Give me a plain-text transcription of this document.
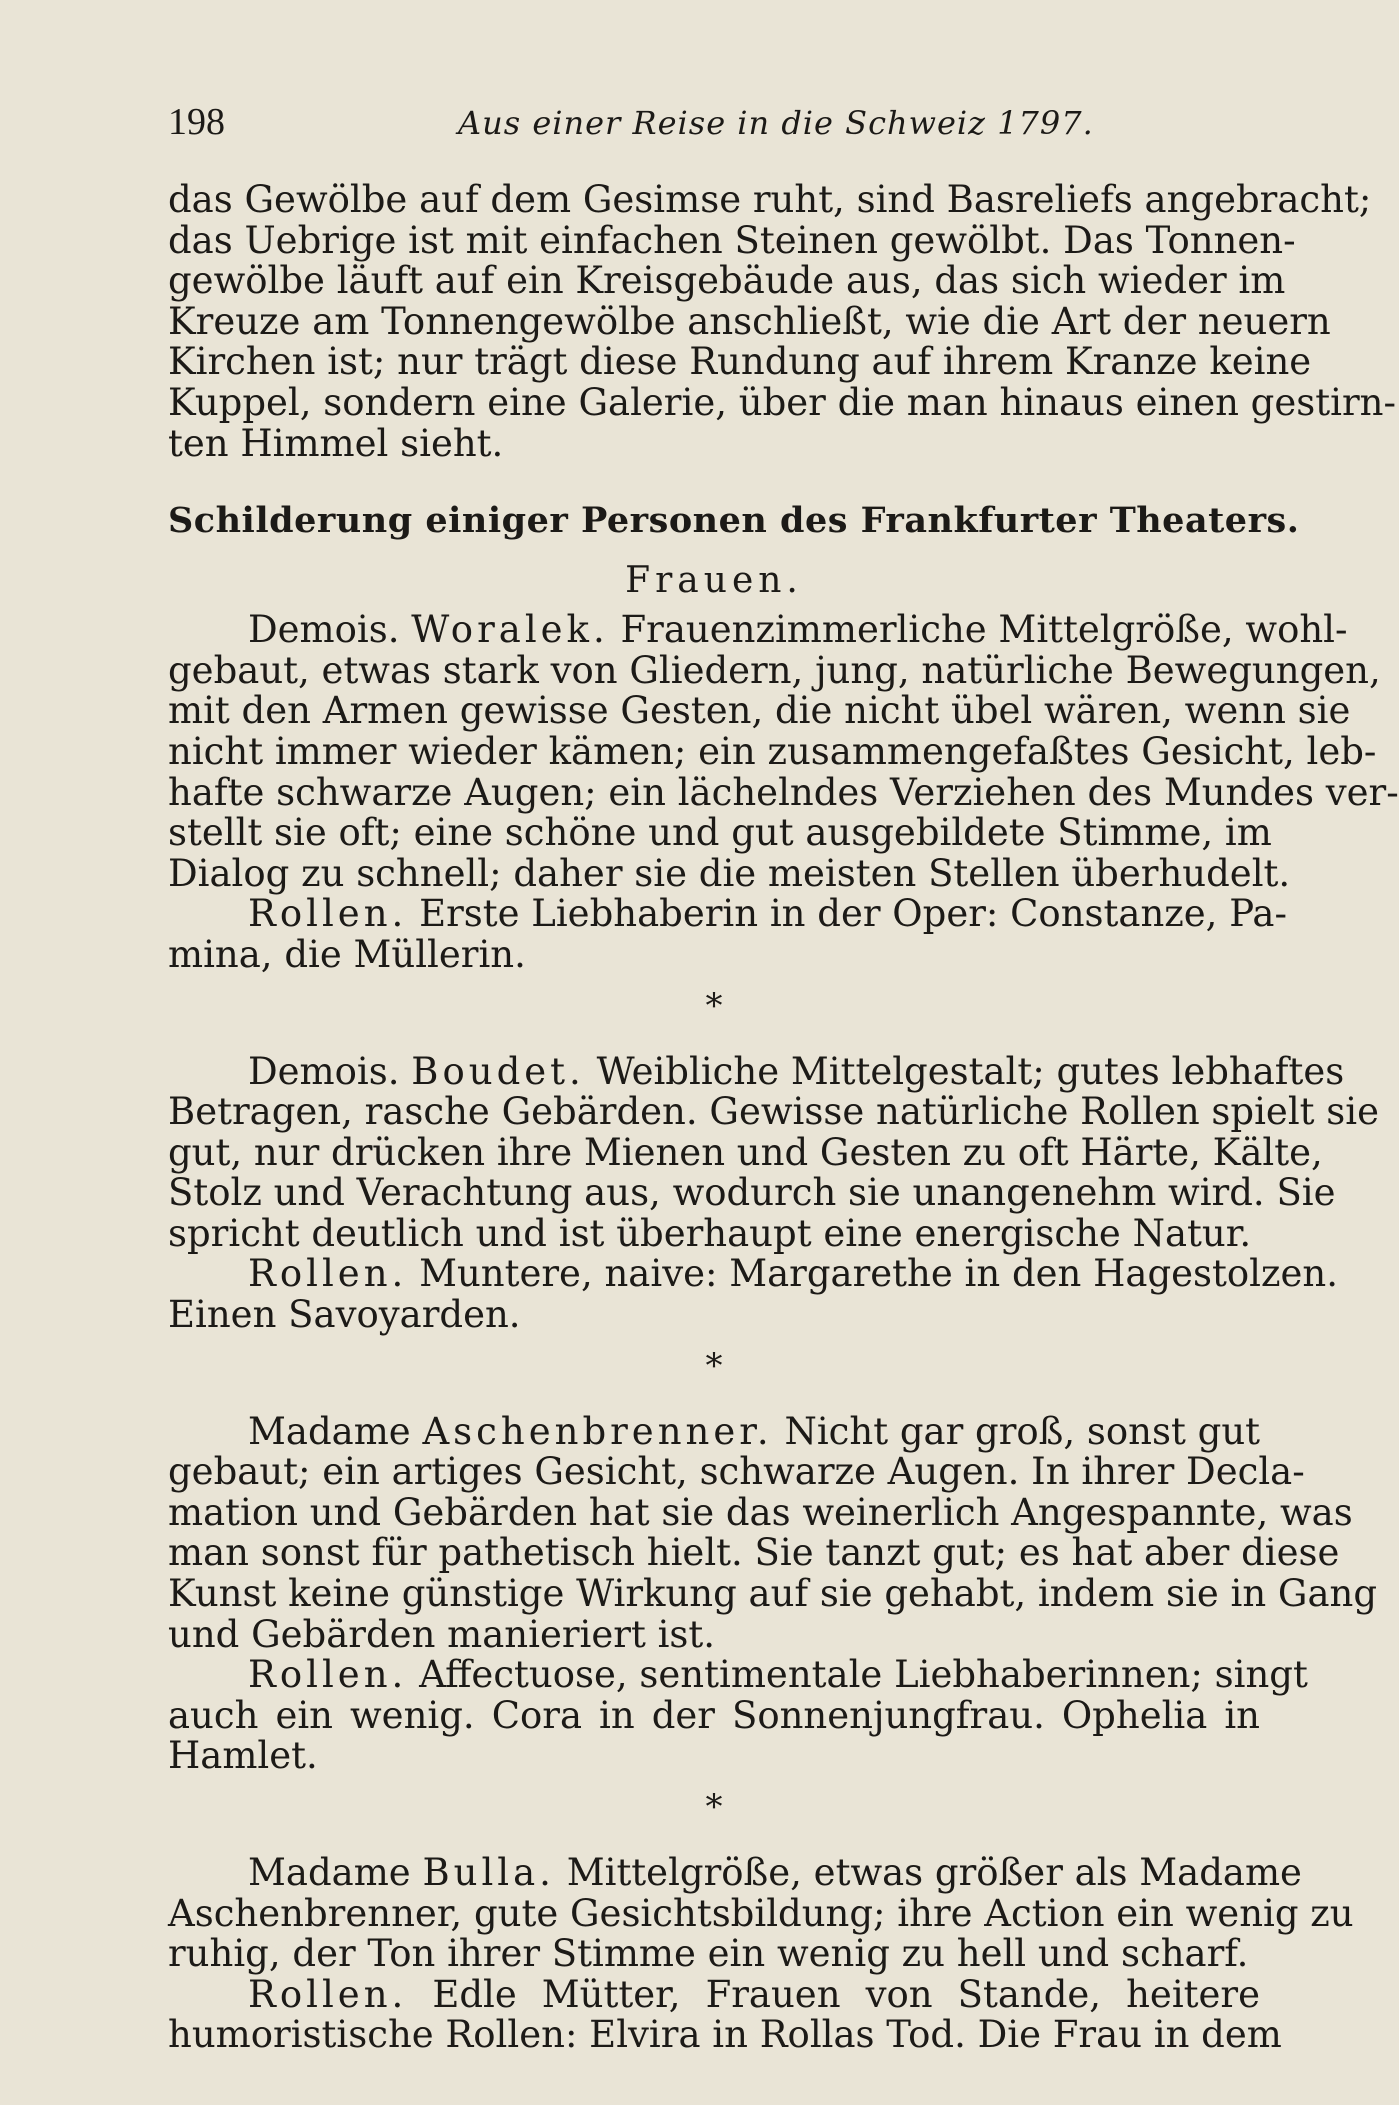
198	Aus einer Reise in die Schweiz 1797.
das Gewölbe auf dem Gesimse ruht, sind Basreliefs angebracht;
das Uebrige ist mit einfachen Steinen gewölbt. Das Tonnen-
gewölbe läuft auf ein Kreisgebäude aus, das sich wieder im
Kreuze am Tonnengewölbe anschließt, wie die Art der neuern
Kirchen ist; nur trägt diese Rundung auf ihrem Kranze keine
Kuppel, sondern eine Galerie, über die man hinaus einen gestirn-
ten Himmel sieht.
Schilderung einiger Personen des Frankfurter Theaters.
Frauen.
Demois. Woralek. Frauenzimmerliche Mittelgröße, wohl-
gebaut, etwas stark von Gliedern, jung, natürliche Bewegungen,
mit den Armen gewisse Gesten, die nicht übel wären, wenn sie
nicht immer wieder kämen; ein zusammengefaßtes Gesicht, leb-
hafte schwarze Augen; ein lächelndes Verziehen des Mundes ver-
stellt sie oft; eine schöne und gut ausgebildete Stimme, im
Dialog zu schnell; daher sie die meisten Stellen überhudelt.
Rollen. Erste Liebhaberin in der Oper: Constanze, Pa-
mina, die Müllerin.
*
Demois. Boudet. Weibliche Mittelgestalt; gutes lebhaftes
Betragen, rasche Gebärden. Gewisse natürliche Rollen spielt sie
gut, nur drücken ihre Mienen und Gesten zu oft Härte, Kälte,
Stolz und Verachtung aus, wodurch sie unangenehm wird. Sie
spricht deutlich und ist überhaupt eine energische Natur.
Rollen. Muntere, naive: Margarethe in den Hagestolzen.
Einen Savoyarden.
*
Madame Aschenbrenner. Nicht gar groß, sonst gut
gebaut; ein artiges Gesicht, schwarze Augen. In ihrer Decla-
mation und Gebärden hat sie das weinerlich Angespannte, was
man sonst für pathetisch hielt. Sie tanzt gut; es hat aber diese
Kunst keine günstige Wirkung auf sie gehabt, indem sie in Gang
und Gebärden manieriert ist.
Rollen. Affectuose, sentimentale Liebhaberinnen; singt
auch ein wenig. Cora in der Sonnenjungfrau. Ophelia in
Hamlet.
*
Madame Bulla. Mittelgröße, etwas größer als Madame
Aschenbrenner, gute Gesichtsbildung; ihre Action ein wenig zu
ruhig, der Ton ihrer Stimme ein wenig zu hell und scharf.
Rollen. Edle Mütter, Frauen von Stande, heitere
humoristische Rollen: Elvira in Rollas Tod. Die Frau in dem
